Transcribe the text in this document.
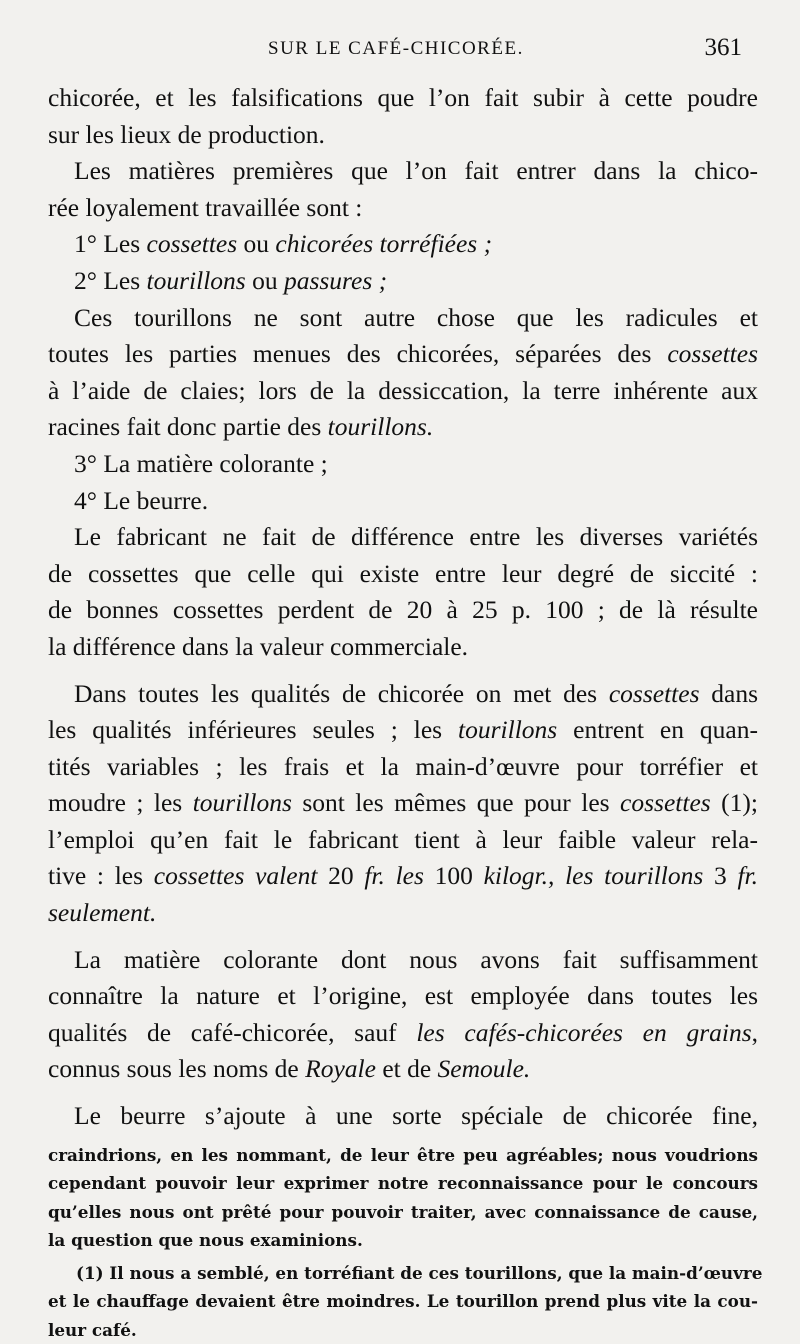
SUR LE CAFÉ-CHICORÉE.	361
chicorée, et les falsifications que l’on fait subir à cette poudre
sur les lieux de production.
Les matières premières que l’on fait entrer dans la chico-
rée loyalement travaillée sont :
1° Les cossettes ou chicorées torréfiées ;
2° Les tourillons ou passures ;
Ces tourillons ne sont autre chose que les radicules et
toutes les parties menues des chicorées, séparées des cossettes
à l’aide de claies; lors de la dessiccation, la terre inhérente aux
racines fait donc partie des tourillons.
3° La matière colorante ;
4° Le beurre.
Le fabricant ne fait de différence entre les diverses variétés
de cossettes que celle qui existe entre leur degré de siccité :
de bonnes cossettes perdent de 20 à 25 p. 100 ; de là résulte
la différence dans la valeur commerciale.
Dans toutes les qualités de chicorée on met des cossettes dans
les qualités inférieures seules ; les tourillons entrent en quan-
tités variables ; les frais et la main-d’œuvre pour torréfier et
moudre ; les tourillons sont les mêmes que pour les cossettes (1);
l’emploi qu’en fait le fabricant tient à leur faible valeur rela-
tive : les cossettes valent 20 fr. les 100 kilogr., les tourillons 3 fr.
seulement.
La matière colorante dont nous avons fait suffisamment
connaître la nature et l’origine, est employée dans toutes les
qualités de café-chicorée, sauf les cafés-chicorées en grains,
connus sous les noms de Royale et de Semoule.
Le beurre s’ajoute à une sorte spéciale de chicorée fine,
craindrions, en les nommant, de leur être peu agréables; nous voudrions
cependant pouvoir leur exprimer notre reconnaissance pour le concours
qu’elles nous ont prêté pour pouvoir traiter, avec connaissance de cause,
la question que nous examinions.
(1) Il nous a semblé, en torréfiant de ces tourillons, que la main-d’œuvre
et le chauffage devaient être moindres. Le tourillon prend plus vite la cou-
leur café.
